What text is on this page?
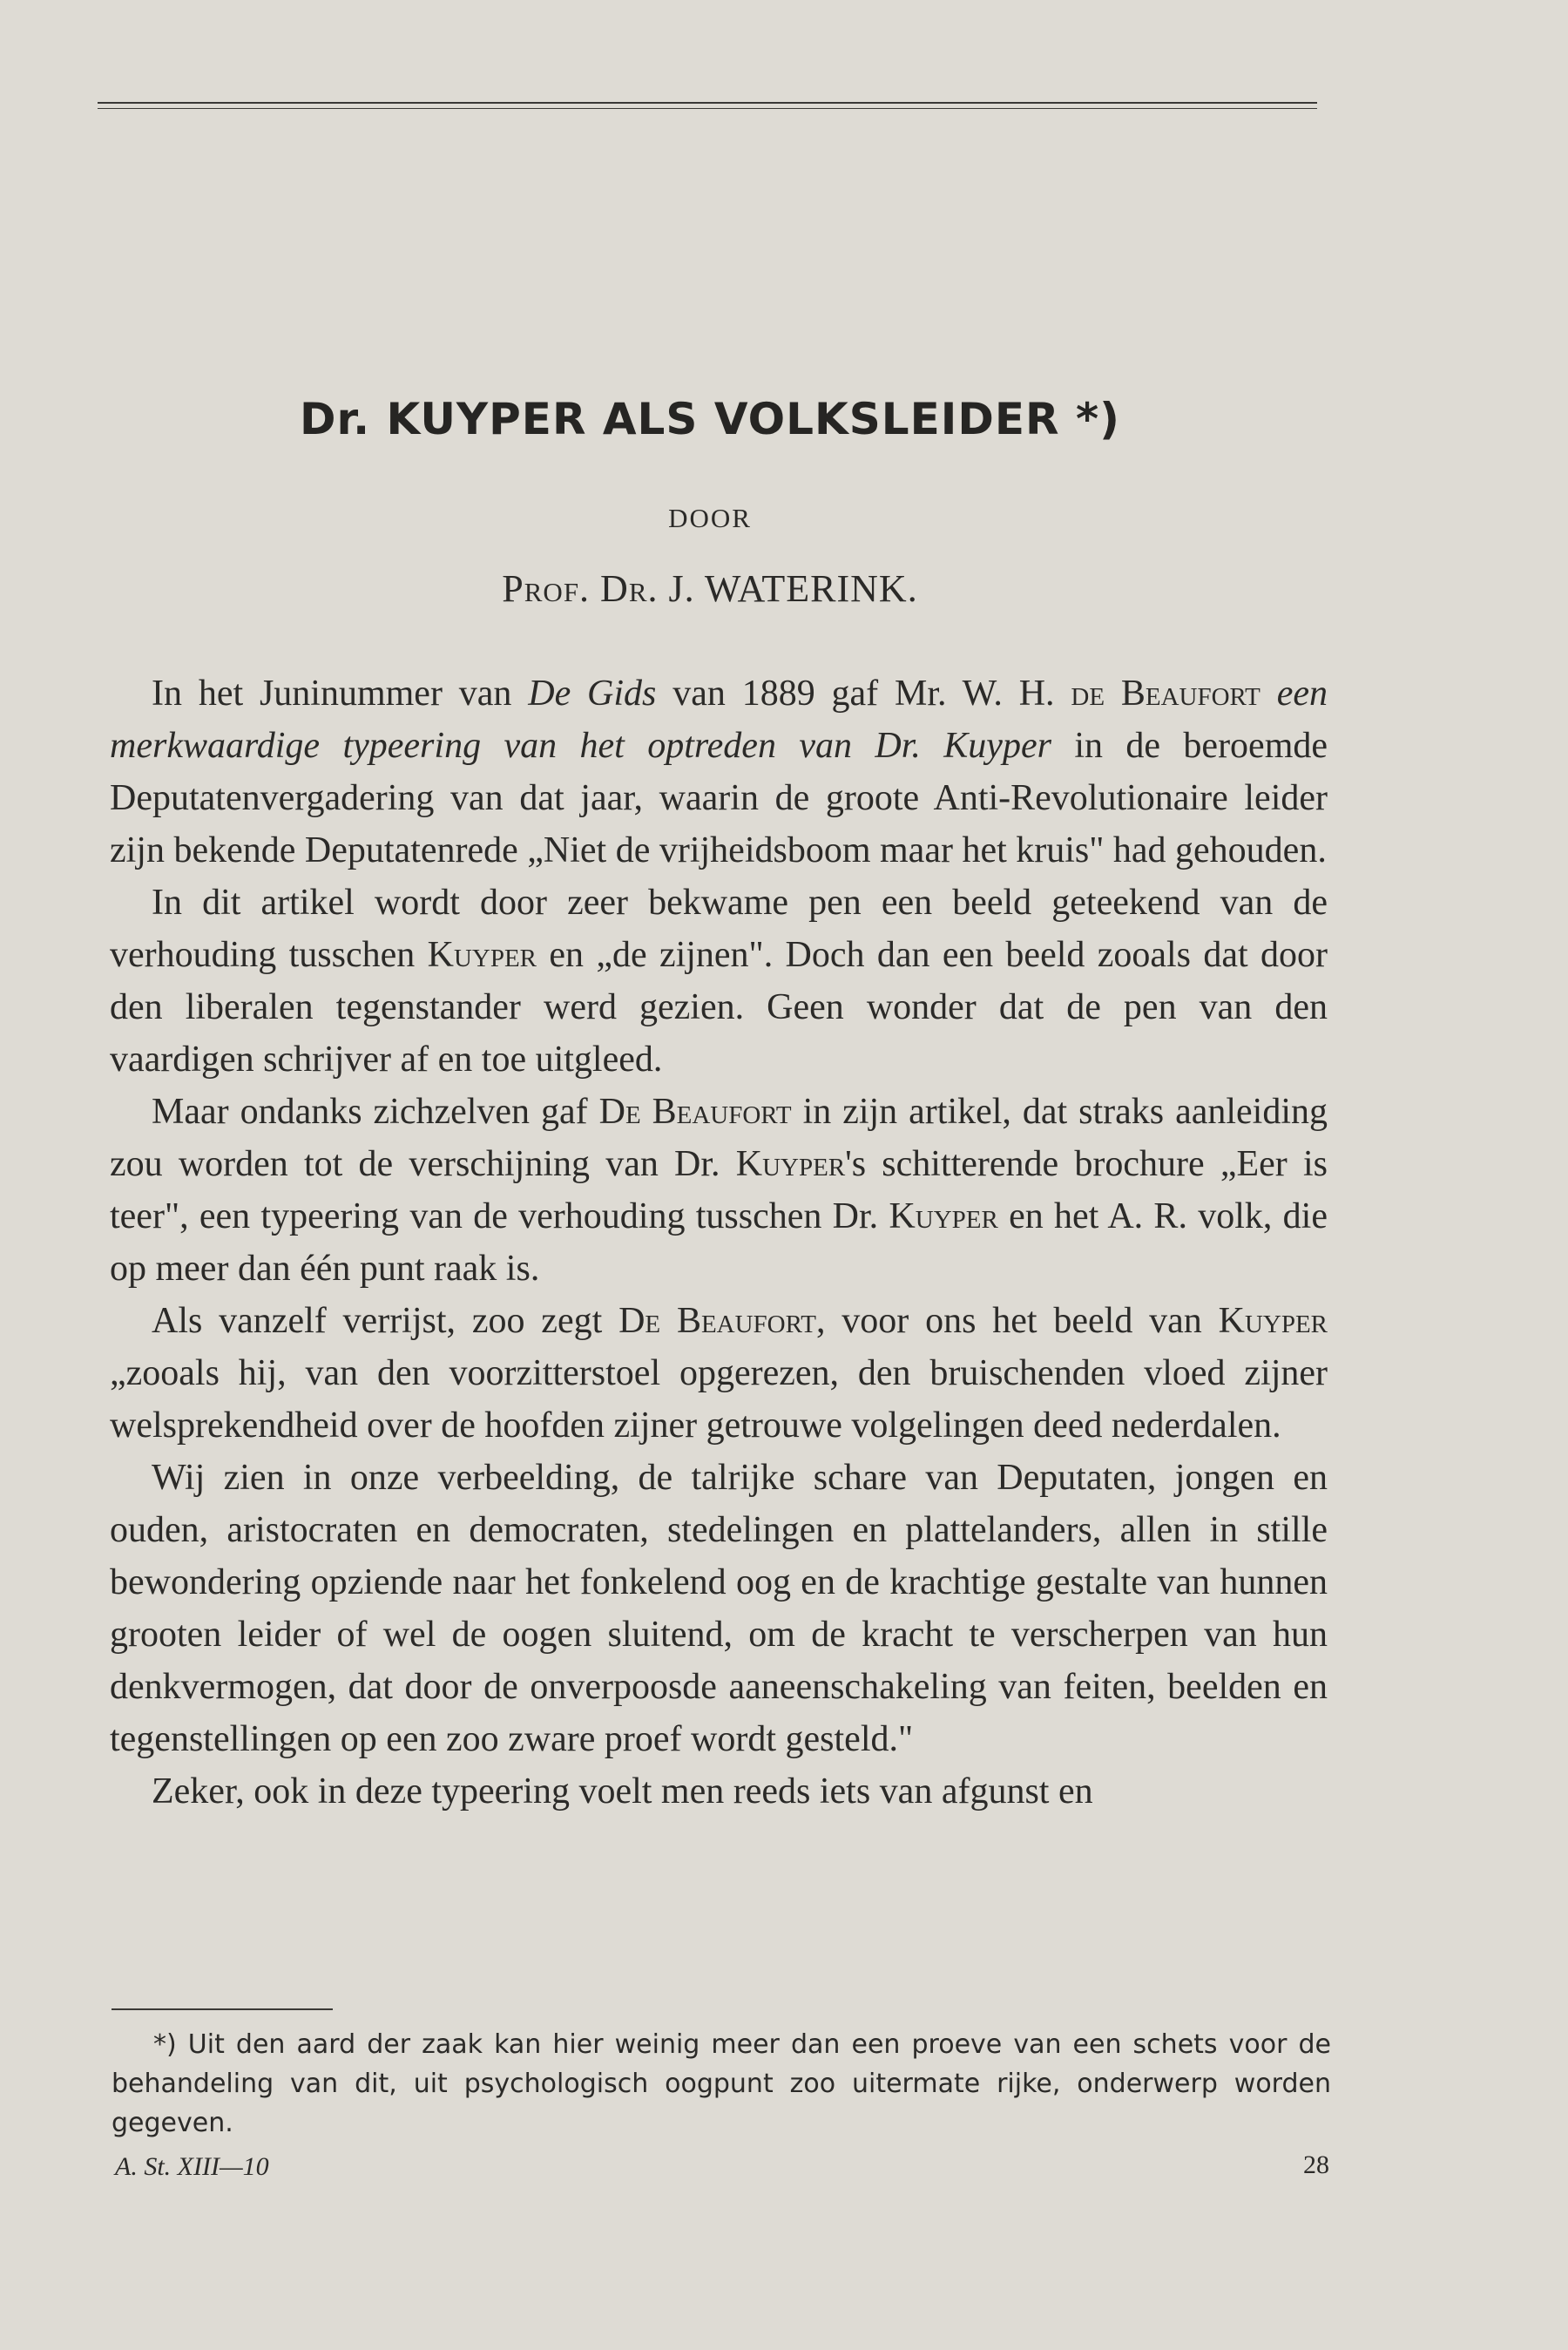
Dr. KUYPER ALS VOLKSLEIDER *)
DOOR
Prof. Dr. J. WATERINK.

In het Juninummer van De Gids van 1889 gaf Mr. W. H. de Beaufort een merkwaardige typeering van het optreden van Dr. Kuyper in de beroemde Deputatenvergadering van dat jaar, waarin de groote Anti-Revolutionaire leider zijn bekende Deputatenrede „Niet de vrijheidsboom maar het kruis" had gehouden.

In dit artikel wordt door zeer bekwame pen een beeld geteekend van de verhouding tusschen Kuyper en „de zijnen". Doch dan een beeld zooals dat door den liberalen tegenstander werd gezien. Geen wonder dat de pen van den vaardigen schrijver af en toe uitgleed.

Maar ondanks zichzelven gaf De Beaufort in zijn artikel, dat straks aanleiding zou worden tot de verschijning van Dr. Kuyper's schitterende brochure „Eer is teer", een typeering van de verhouding tusschen Dr. Kuyper en het A. R. volk, die op meer dan één punt raak is.

Als vanzelf verrijst, zoo zegt De Beaufort, voor ons het beeld van Kuyper „zooals hij, van den voorzitterstoel opgerezen, den bruischenden vloed zijner welsprekendheid over de hoofden zijner getrouwe volgelingen deed nederdalen.

Wij zien in onze verbeelding, de talrijke schare van Deputaten, jongen en ouden, aristocraten en democraten, stedelingen en plattelanders, allen in stille bewondering opziende naar het fonkelend oog en de krachtige gestalte van hunnen grooten leider of wel de oogen sluitend, om de kracht te verscherpen van hun denkvermogen, dat door de onverpoosde aaneenschakeling van feiten, beelden en tegenstellingen op een zoo zware proef wordt gesteld."

Zeker, ook in deze typeering voelt men reeds iets van afgunst en

*) Uit den aard der zaak kan hier weinig meer dan een proeve van een schets voor de behandeling van dit, uit psychologisch oogpunt zoo uitermate rijke, onderwerp worden gegeven.
A. St. XIII—10	28
